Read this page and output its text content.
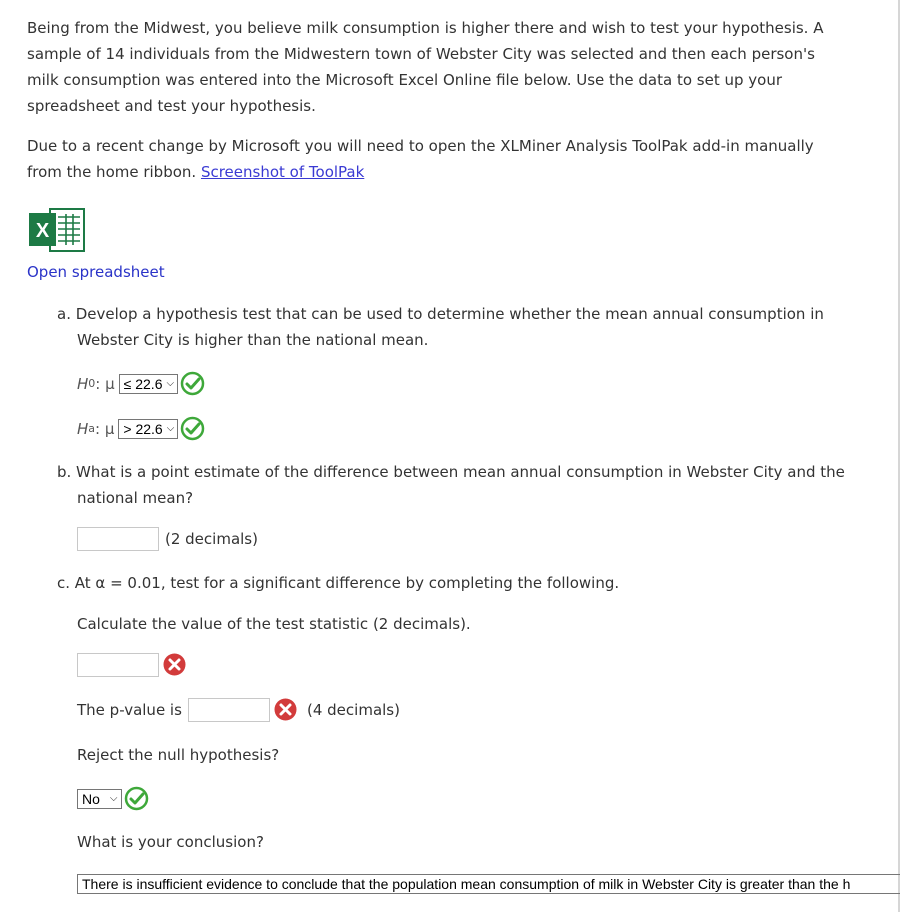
Being from the Midwest, you believe milk consumption is higher there and wish to test your hypothesis. A sample of 14 individuals from the Midwestern town of Webster City was selected and then each person's milk consumption was entered into the Microsoft Excel Online file below. Use the data to set up your spreadsheet and test your hypothesis.

Due to a recent change by Microsoft you will need to open the XLMiner Analysis ToolPak add-in manually from the home ribbon. Screenshot of ToolPak

X
Open spreadsheet

a. Develop a hypothesis test that can be used to determine whether the mean annual consumption in Webster City is higher than the national mean.

H 0 : μ ≤ 22.6 ⌵
H a : μ > 22.6 ⌵

b. What is a point estimate of the difference between mean annual consumption in Webster City and the national mean?

(2 decimals)

c. At α = 0.01, test for a significant difference by completing the following.

Calculate the value of the test statistic (2 decimals).
The p-value is	(4 decimals)
Reject the null hypothesis?
No ⌵
What is your conclusion?
There is insufficient evidence to conclude that the population mean consumption of milk in Webster City is greater than the h
